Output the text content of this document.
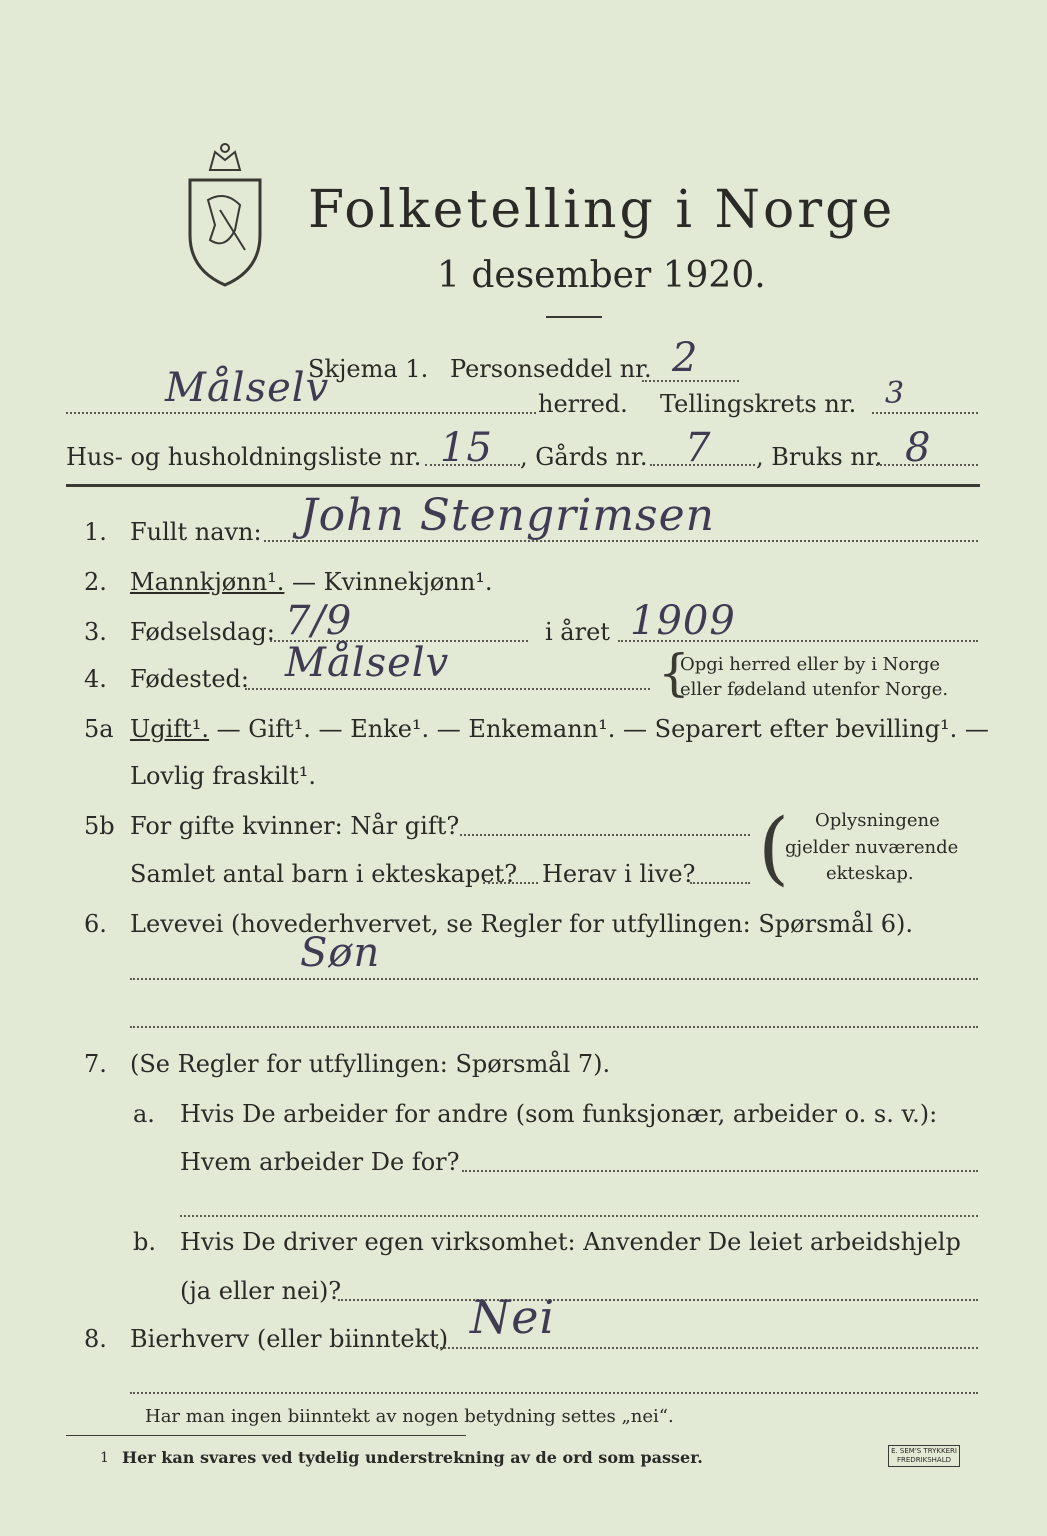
Folketelling i Norge
1 desember 1920.
Skjema 1. Personseddel nr. 2
Målselv	herred. Tellingskrets nr. 3
Hus- og husholdningsliste nr. 15 , Gårds nr. 7 , Bruks nr. 8
1. Fullt navn: John Stengrimsen
2. Mannkjønn¹. — Kvinnekjønn¹.
3. Fødselsdag: 7/9	i året 1909
4. Fødested: Målselv	{
Opgi herred eller by i Norge
eller fødeland utenfor Norge.
5a Ugift¹. — Gift¹. — Enke¹. — Enkemann¹. — Separert efter bevilling¹. —
Lovlig fraskilt¹.
5b For gifte kvinner: Når gift?
Samlet antal barn i ekteskapet? Herav i live? ( Oplysningene
gjelder nuværende
ekteskap.
6. Levevei (hovederhvervet, se Regler for utfyllingen: Spørsmål 6).
Søn
7. (Se Regler for utfyllingen: Spørsmål 7).
a. Hvis De arbeider for andre (som funksjonær, arbeider o. s. v.):
Hvem arbeider De for?
b. Hvis De driver egen virksomhet: Anvender De leiet arbeidshjelp
(ja eller nei)?
8. Bierhverv (eller biinntekt) Nei
Har man ingen biinntekt av nogen betydning settes „nei“.
1 Her kan svares ved tydelig understrekning av de ord som passer.	E. SEM'S TRYKKERI
FREDRIKSHALD
